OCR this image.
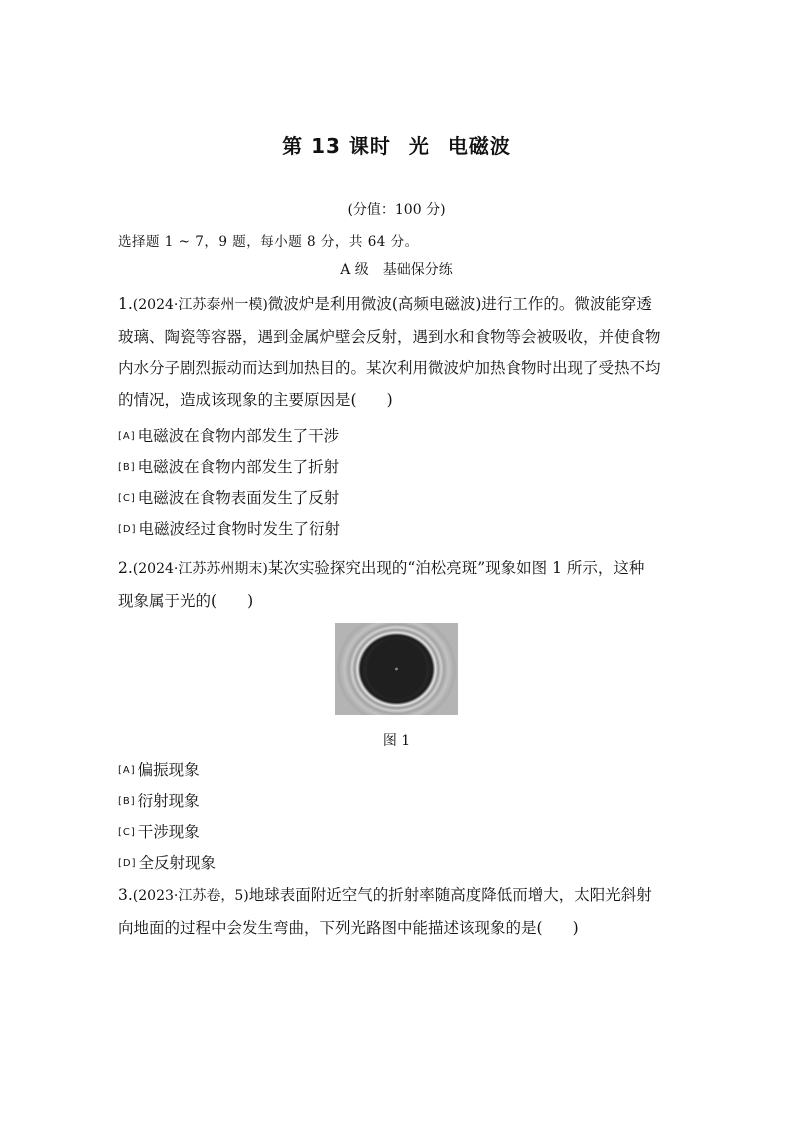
第 13 课时 光 电磁波
(分值：100 分)
选择题 1 ~ 7，9 题，每小题 8 分，共 64 分。
A 级 基础保分练
1.(2024·江苏泰州一模)微波炉是利用微波(高频电磁波)进行工作的。微波能穿透
玻璃、陶瓷等容器，遇到金属炉壁会反射，遇到水和食物等会被吸收，并使食物
内水分子剧烈振动而达到加热目的。某次利用微波炉加热食物时出现了受热不均
的情况，造成该现象的主要原因是( )
[A] 电磁波在食物内部发生了干涉
[B] 电磁波在食物内部发生了折射
[C] 电磁波在食物表面发生了反射
[D] 电磁波经过食物时发生了衍射
2.(2024·江苏苏州期末)某次实验探究出现的“泊松亮斑”现象如图 1 所示，这种
现象属于光的( )
图 1
[A] 偏振现象
[B] 衍射现象
[C] 干涉现象
[D] 全反射现象
3.(2023·江苏卷，5)地球表面附近空气的折射率随高度降低而增大，太阳光斜射
向地面的过程中会发生弯曲，下列光路图中能描述该现象的是( )
